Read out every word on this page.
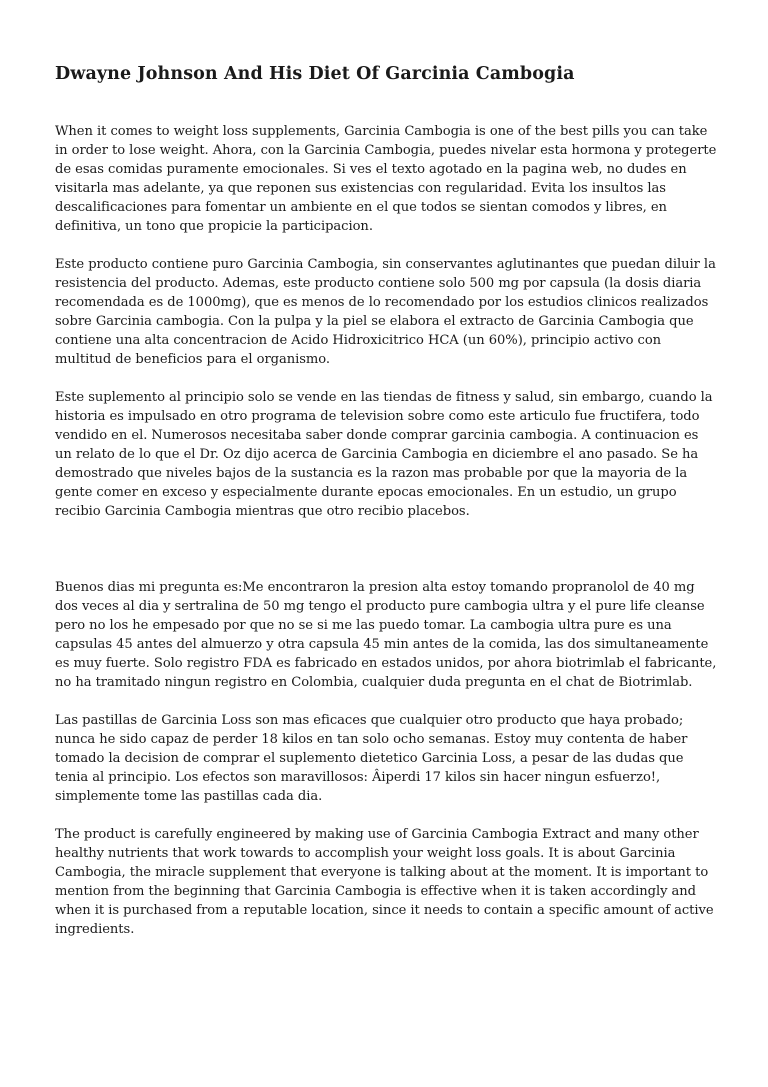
Dwayne Johnson And His Diet Of Garcinia Cambogia

When it comes to weight loss supplements, Garcinia Cambogia is one of the best pills you can take in order to lose weight. Ahora, con la Garcinia Cambogia, puedes nivelar esta hormona y protegerte de esas comidas puramente emocionales. Si ves el texto agotado en la pagina web, no dudes en visitarla mas adelante, ya que reponen sus existencias con regularidad. Evita los insultos las descalificaciones para fomentar un ambiente en el que todos se sientan comodos y libres, en definitiva, un tono que propicie la participacion.

Este producto contiene puro Garcinia Cambogia, sin conservantes aglutinantes que puedan diluir la resistencia del producto. Ademas, este producto contiene solo 500 mg por capsula (la dosis diaria recomendada es de 1000mg), que es menos de lo recomendado por los estudios clinicos realizados sobre Garcinia cambogia. Con la pulpa y la piel se elabora el extracto de Garcinia Cambogia que contiene una alta concentracion de Acido Hidroxicitrico HCA (un 60%), principio activo con multitud de beneficios para el organismo.

Este suplemento al principio solo se vende en las tiendas de fitness y salud, sin embargo, cuando la historia es impulsado en otro programa de television sobre como este articulo fue fructifera, todo vendido en el. Numerosos necesitaba saber donde comprar garcinia cambogia. A continuacion es un relato de lo que el Dr. Oz dijo acerca de Garcinia Cambogia en diciembre el ano pasado. Se ha demostrado que niveles bajos de la sustancia es la razon mas probable por que la mayoria de la gente comer en exceso y especialmente durante epocas emocionales. En un estudio, un grupo recibio Garcinia Cambogia mientras que otro recibio placebos.

Buenos dias mi pregunta es:Me encontraron la presion alta estoy tomando propranolol de 40 mg dos veces al dia y sertralina de 50 mg tengo el producto pure cambogia ultra y el pure life cleanse pero no los he empesado por que no se si me las puedo tomar. La cambogia ultra pure es una capsulas 45 antes del almuerzo y otra capsula 45 min antes de la comida, las dos simultaneamente es muy fuerte. Solo registro FDA es fabricado en estados unidos, por ahora biotrimlab el fabricante, no ha tramitado ningun registro en Colombia, cualquier duda pregunta en el chat de Biotrimlab.

Las pastillas de Garcinia Loss son mas eficaces que cualquier otro producto que haya probado; nunca he sido capaz de perder 18 kilos en tan solo ocho semanas. Estoy muy contenta de haber tomado la decision de comprar el suplemento dietetico Garcinia Loss, a pesar de las dudas que tenia al principio. Los efectos son maravillosos: Âiperdi 17 kilos sin hacer ningun esfuerzo!, simplemente tome las pastillas cada dia.

The product is carefully engineered by making use of Garcinia Cambogia Extract and many other healthy nutrients that work towards to accomplish your weight loss goals. It is about Garcinia Cambogia, the miracle supplement that everyone is talking about at the moment. It is important to mention from the beginning that Garcinia Cambogia is effective when it is taken accordingly and when it is purchased from a reputable location, since it needs to contain a specific amount of active ingredients.
